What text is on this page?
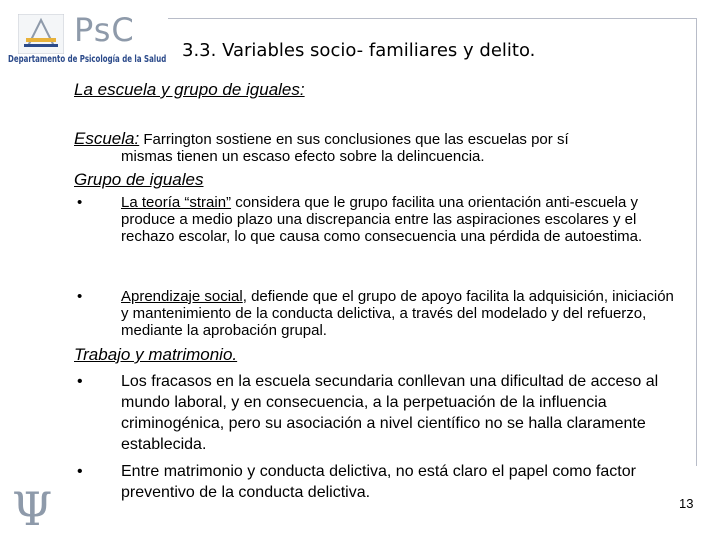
PsC
Departamento de Psicología de la Salud 3.3. Variables socio- familiares y delito.
La escuela y grupo de iguales:
Escuela: Farrington sostiene en sus conclusiones que las escuelas por sí
mismas tienen un escaso efecto sobre la delincuencia.
Grupo de iguales
•	La teoría “strain” considera que le grupo facilita una orientación anti-escuela y produce a medio plazo una discrepancia entre las aspiraciones escolares y el rechazo escolar, lo que causa como consecuencia una pérdida de autoestima.
•	Aprendizaje social, defiende que el grupo de apoyo facilita la adquisición, iniciación y mantenimiento de la conducta delictiva, a través del modelado y del refuerzo, mediante la aprobación grupal.
Trabajo y matrimonio.
• Los fracasos en la escuela secundaria conllevan una dificultad de acceso al mundo laboral, y en consecuencia, a la perpetuación de la influencia criminogénica, pero su asociación a nivel científico no se halla claramente establecida.
• Entre matrimonio y conducta delictiva, no está claro el papel como factor preventivo de la conducta delictiva.
Ψ	13
